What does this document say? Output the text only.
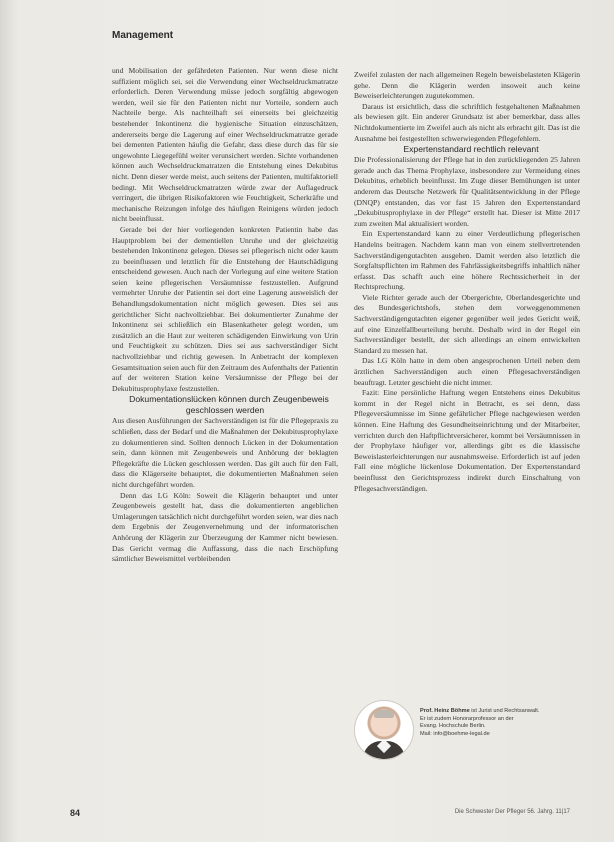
Management

und Mobilisation der gefährdeten Patienten. Nur wenn diese nicht suffizient möglich sei, sei die Verwendung einer Wechseldruckmatratze erforderlich. Deren Verwendung müsse jedoch sorgfältig abgewogen werden, weil sie für den Patienten nicht nur Vorteile, sondern auch Nachteile berge. Als nachteilhaft sei einerseits bei gleichzeitig bestehender Inkontinenz die hygienische Situation einzuschätzen, andererseits berge die Lagerung auf einer Wechseldruckmatratze gerade bei dementen Patienten häufig die Gefahr, dass diese durch das für sie ungewohnte Liegegefühl weiter verunsichert werden. Sichte vorhandenen können auch Wechseldruckmatratzen die Entstehung eines Dekubitus nicht. Denn dieser werde meist, auch seitens der Patienten, multifaktoriell bedingt. Mit Wechseldruckmatratzen würde zwar der Auflagedruck verringert, die übrigen Risikofaktoren wie Feuchtigkeit, Scherkräfte und mechanische Reizungen infolge des häufigen Reinigens würden jedoch nicht beeinflusst.

Gerade bei der hier vorliegenden konkreten Patientin habe das Hauptproblem bei der dementiellen Unruhe und der gleichzeitig bestehenden Inkontinenz gelegen. Dieses sei pflegerisch nicht oder kaum zu beeinflussen und letztlich für die Entstehung der Hautschädigung entscheidend gewesen. Auch nach der Vorlegung auf eine weitere Station seien keine pflegerischen Versäumnisse festzustellen. Aufgrund vermehrter Unruhe der Patientin sei dort eine Lagerung ausweislich der Behandlungsdokumentation nicht möglich gewesen. Dies sei aus gerichtlicher Sicht nachvollziehbar. Bei dokumentierter Zunahme der Inkontinenz sei schließlich ein Blasenkatheter gelegt worden, um zusätzlich an die Haut zur weiteren schädigenden Einwirkung von Urin und Feuchtigkeit zu schützen. Dies sei aus sachverständiger Sicht nachvollziehbar und richtig gewesen. In Anbetracht der komplexen Gesamtsituation seien auch für den Zeitraum des Aufenthalts der Patientin auf der weiteren Station keine Versäumnisse der Pflege bei der Dekubitusprophylaxe festzustellen.

Dokumentationslücken können durch Zeugenbeweis geschlossen werden

Aus diesen Ausführungen der Sachverständigen ist für die Pflegepraxis zu schließen, dass der Bedarf und die Maßnahmen der Dekubitusprophylaxe zu dokumentieren sind. Sollten dennoch Lücken in der Dokumentation sein, dann können mit Zeugenbeweis und Anhörung der beklagten Pflegekräfte die Lücken geschlossen werden. Das gilt auch für den Fall, dass die Klägerseite behauptet, die dokumentierten Maßnahmen seien nicht durchgeführt worden.

Denn das LG Köln: Soweit die Klägerin behauptet und unter Zeugenbeweis gestellt hat, dass die dokumentierten angeblichen Umlagerungen tatsächlich nicht durchgeführt worden seien, war dies nach dem Ergebnis der Zeugenvernehmung und der informatorischen Anhörung der Klägerin zur Überzeugung der Kammer nicht bewiesen. Das Gericht vermag die Auffassung, dass die nach Erschöpfung sämtlicher Beweismittel verbleibenden

Zweifel zulasten der nach allgemeinen Regeln beweisbelasteten Klägerin gehe. Denn die Klägerin werden insoweit auch keine Beweiserleichterungen zugutekommen.

Daraus ist ersichtlich, dass die schriftlich festgehaltenen Maßnahmen als bewiesen gilt. Ein anderer Grundsatz ist aber bemerkbar, dass alles Nichtdokumentierte im Zweifel auch als nicht als erbracht gilt. Das ist die Ausnahme bei festgestellten schwerwiegenden Pflegefehlern.

Expertenstandard rechtlich relevant

Die Professionalisierung der Pflege hat in den zurückliegenden 25 Jahren gerade auch das Thema Prophylaxe, insbesondere zur Vermeidung eines Dekubitus, erheblich beeinflusst. Im Zuge dieser Bemühungen ist unter anderem das Deutsche Netzwerk für Qualitätsentwicklung in der Pflege (DNQP) entstanden, das vor fast 15 Jahren den Expertenstandard „Dekubitusprophylaxe in der Pflege“ erstellt hat. Dieser ist Mitte 2017 zum zweiten Mal aktualisiert worden.

Ein Expertenstandard kann zu einer Verdeutlichung pflegerischen Handelns beitragen. Nachdem kann man von einem stellvertretenden Sachverständigengutachten ausgehen. Damit werden also letztlich die Sorgfaltspflichten im Rahmen des Fahrlässigkeitsbegriffs inhaltlich näher erfasst. Das schafft auch eine höhere Rechtssicherheit in der Rechtsprechung.

Viele Richter gerade auch der Obergerichte, Oberlandesgerichte und des Bundesgerichtshofs, stehen dem vorweggenommenen Sachverständigengutachten eigener gegenüber weil jedes Gericht weiß, auf eine Einzelfallbeurteilung beruht. Deshalb wird in der Regel ein Sachverständiger bestellt, der sich allerdings an einem entwickelten Standard zu messen hat.

Das LG Köln hatte in dem oben angesprochenen Urteil neben dem ärztlichen Sachverständigen auch einen Pflegesachverständigen beauftragt. Letzter geschieht die nicht immer.

Fazit: Eine persönliche Haftung wegen Entstehens eines Dekubitus kommt in der Regel nicht in Betracht, es sei denn, dass Pflegeversäumnisse im Sinne gefährlicher Pflege nachgewiesen werden können. Eine Haftung des Gesundheitseinrichtung und der Mitarbeiter, verrichten durch den Haftpflichtversicherer, kommt bei Versäumnissen in der Prophylaxe häufiger vor, allerdings gibt es die klassische Beweislasterleichterungen nur ausnahmsweise. Erforderlich ist auf jeden Fall eine mögliche lückenlose Dokumentation. Der Expertenstandard beeinflusst den Gerichtsprozess indirekt durch Einschaltung von Pflegesachverständigen.

Prof. Heinz Böhme ist Jurist und Rechtsanwalt.
Er ist zudem Honorarprofessor an der
Evang. Hochschule Berlin.
Mail: info@boehme-legal.de
84	Die Schwester Der Pfleger 56. Jahrg. 11|17
